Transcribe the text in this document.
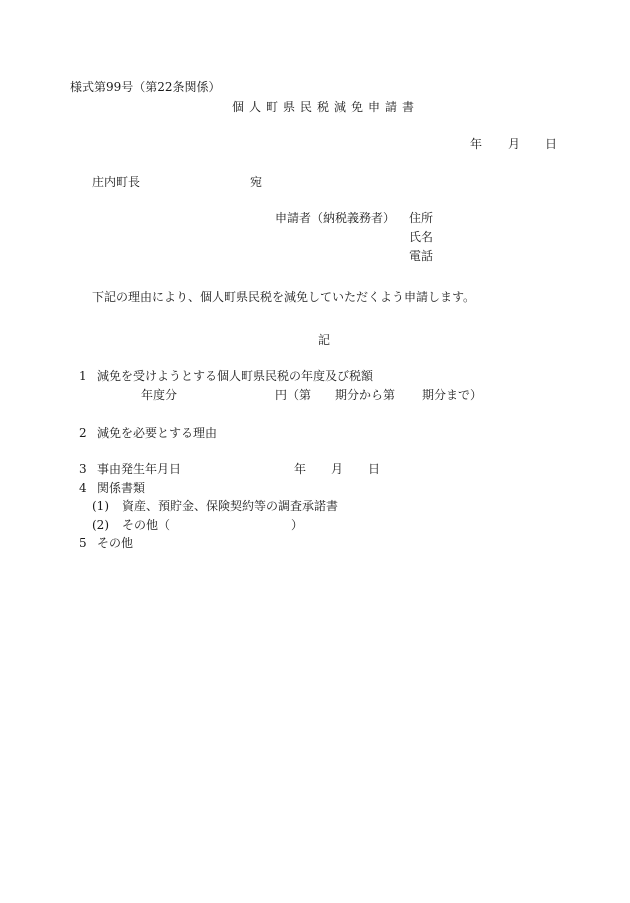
様式第99号（第22条関係）
個人町県民税減免申請書
年 月 日
庄内町長	宛
申請者（納税義務者） 住所
氏名
電話
下記の理由により、個人町県民税を減免していただくよう申請します。
記
1 減免を受けようとする個人町県民税の年度及び税額
年度分	円（第 期分から第 期分まで）
2 減免を必要とする理由
3 事由発生年月日	年 月 日
4 関係書類
(1) 資産、預貯金、保険契約等の調査承諾書
(2) その他（	）
5 その他
